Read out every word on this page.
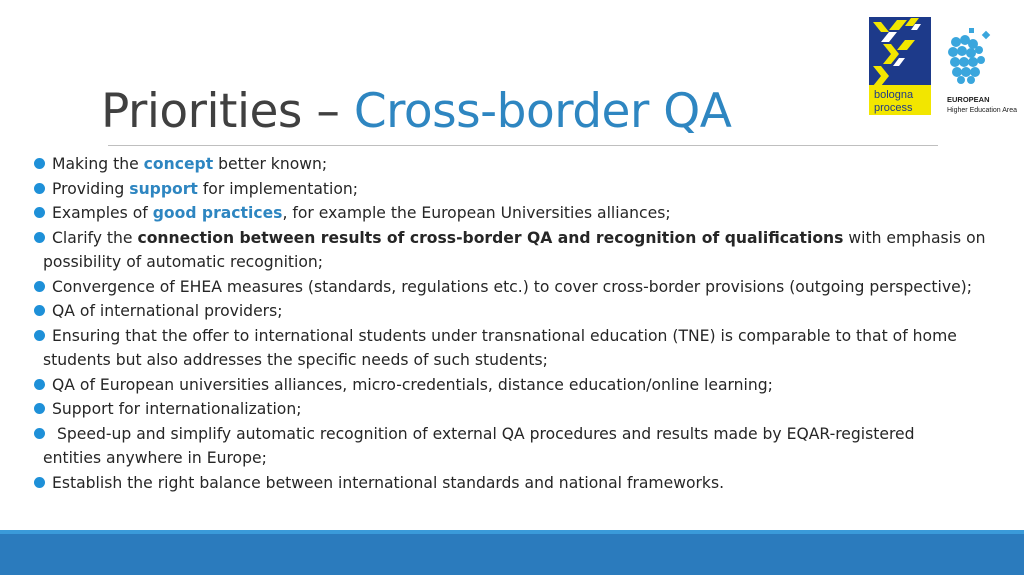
Priorities – Cross-border QA	bologna
process
EUROPEAN
Higher Education Area
Making the concept better known;
Providing support for implementation;
Examples of good practices, for example the European Universities alliances;
Clarify the connection between results of cross-border QA and recognition of qualifications with emphasis on
possibility of automatic recognition;
Convergence of EHEA measures (standards, regulations etc.) to cover cross-border provisions (outgoing perspective);
QA of international providers;
Ensuring that the offer to international students under transnational education (TNE) is comparable to that of home
students but also addresses the specific needs of such students;
QA of European universities alliances, micro-credentials, distance education/online learning;
Support for internationalization;
Speed-up and simplify automatic recognition of external QA procedures and results made by EQAR-registered
entities anywhere in Europe;
Establish the right balance between international standards and national frameworks.
